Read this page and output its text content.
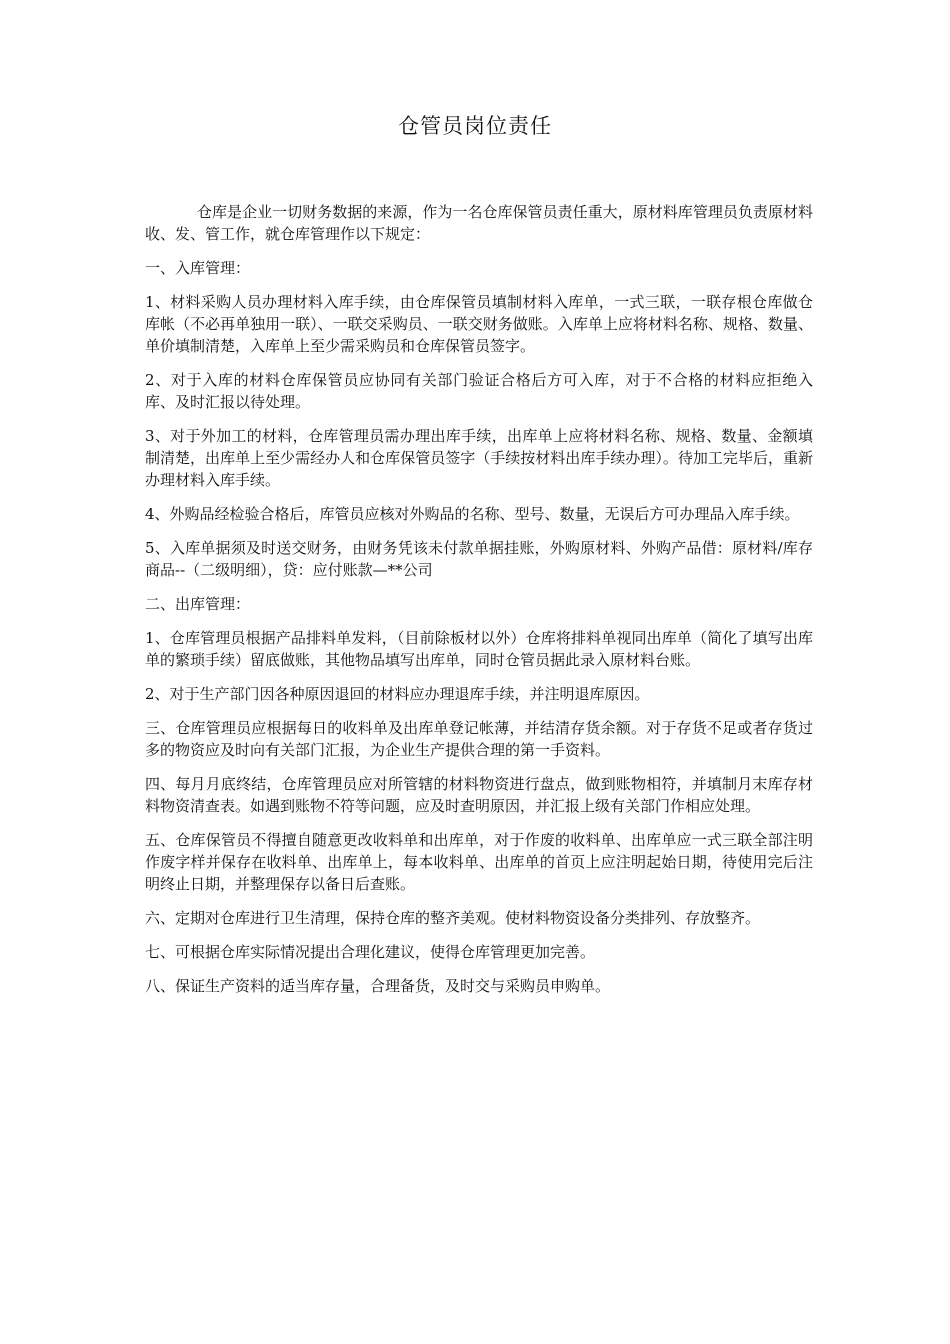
仓管员岗位责任

仓库是企业一切财务数据的来源，作为一名仓库保管员责任重大，原材料库管理员负责原材料收、发、管工作，就仓库管理作以下规定：

一、入库管理：

1、材料采购人员办理材料入库手续，由仓库保管员填制材料入库单，一式三联，一联存根仓库做仓库帐（不必再单独用一联）、一联交采购员、一联交财务做账。入库单上应将材料名称、规格、数量、单价填制清楚，入库单上至少需采购员和仓库保管员签字。

2、对于入库的材料仓库保管员应协同有关部门验证合格后方可入库，对于不合格的材料应拒绝入库、及时汇报以待处理。

3、对于外加工的材料，仓库管理员需办理出库手续，出库单上应将材料名称、规格、数量、金额填制清楚，出库单上至少需经办人和仓库保管员签字（手续按材料出库手续办理）。待加工完毕后，重新办理材料入库手续。

4、外购品经检验合格后，库管员应核对外购品的名称、型号、数量，无误后方可办理品入库手续。

5、入库单据须及时送交财务，由财务凭该未付款单据挂账，外购原材料、外购产品借：原材料/库存商品--（二级明细），贷：应付账款—**公司

二、出库管理：

1、仓库管理员根据产品排料单发料，（目前除板材以外）仓库将排料单视同出库单（简化了填写出库单的繁琐手续）留底做账，其他物品填写出库单，同时仓管员据此录入原材料台账。

2、对于生产部门因各种原因退回的材料应办理退库手续，并注明退库原因。

三、仓库管理员应根据每日的收料单及出库单登记帐薄，并结清存货余额。对于存货不足或者存货过多的物资应及时向有关部门汇报，为企业生产提供合理的第一手资料。

四、每月月底终结，仓库管理员应对所管辖的材料物资进行盘点，做到账物相符，并填制月末库存材料物资清查表。如遇到账物不符等问题，应及时查明原因，并汇报上级有关部门作相应处理。

五、仓库保管员不得擅自随意更改收料单和出库单，对于作废的收料单、出库单应一式三联全部注明作废字样并保存在收料单、出库单上，每本收料单、出库单的首页上应注明起始日期，待使用完后注明终止日期，并整理保存以备日后查账。

六、定期对仓库进行卫生清理，保持仓库的整齐美观。使材料物资设备分类排列、存放整齐。

七、可根据仓库实际情况提出合理化建议，使得仓库管理更加完善。

八、保证生产资料的适当库存量，合理备货，及时交与采购员申购单。
